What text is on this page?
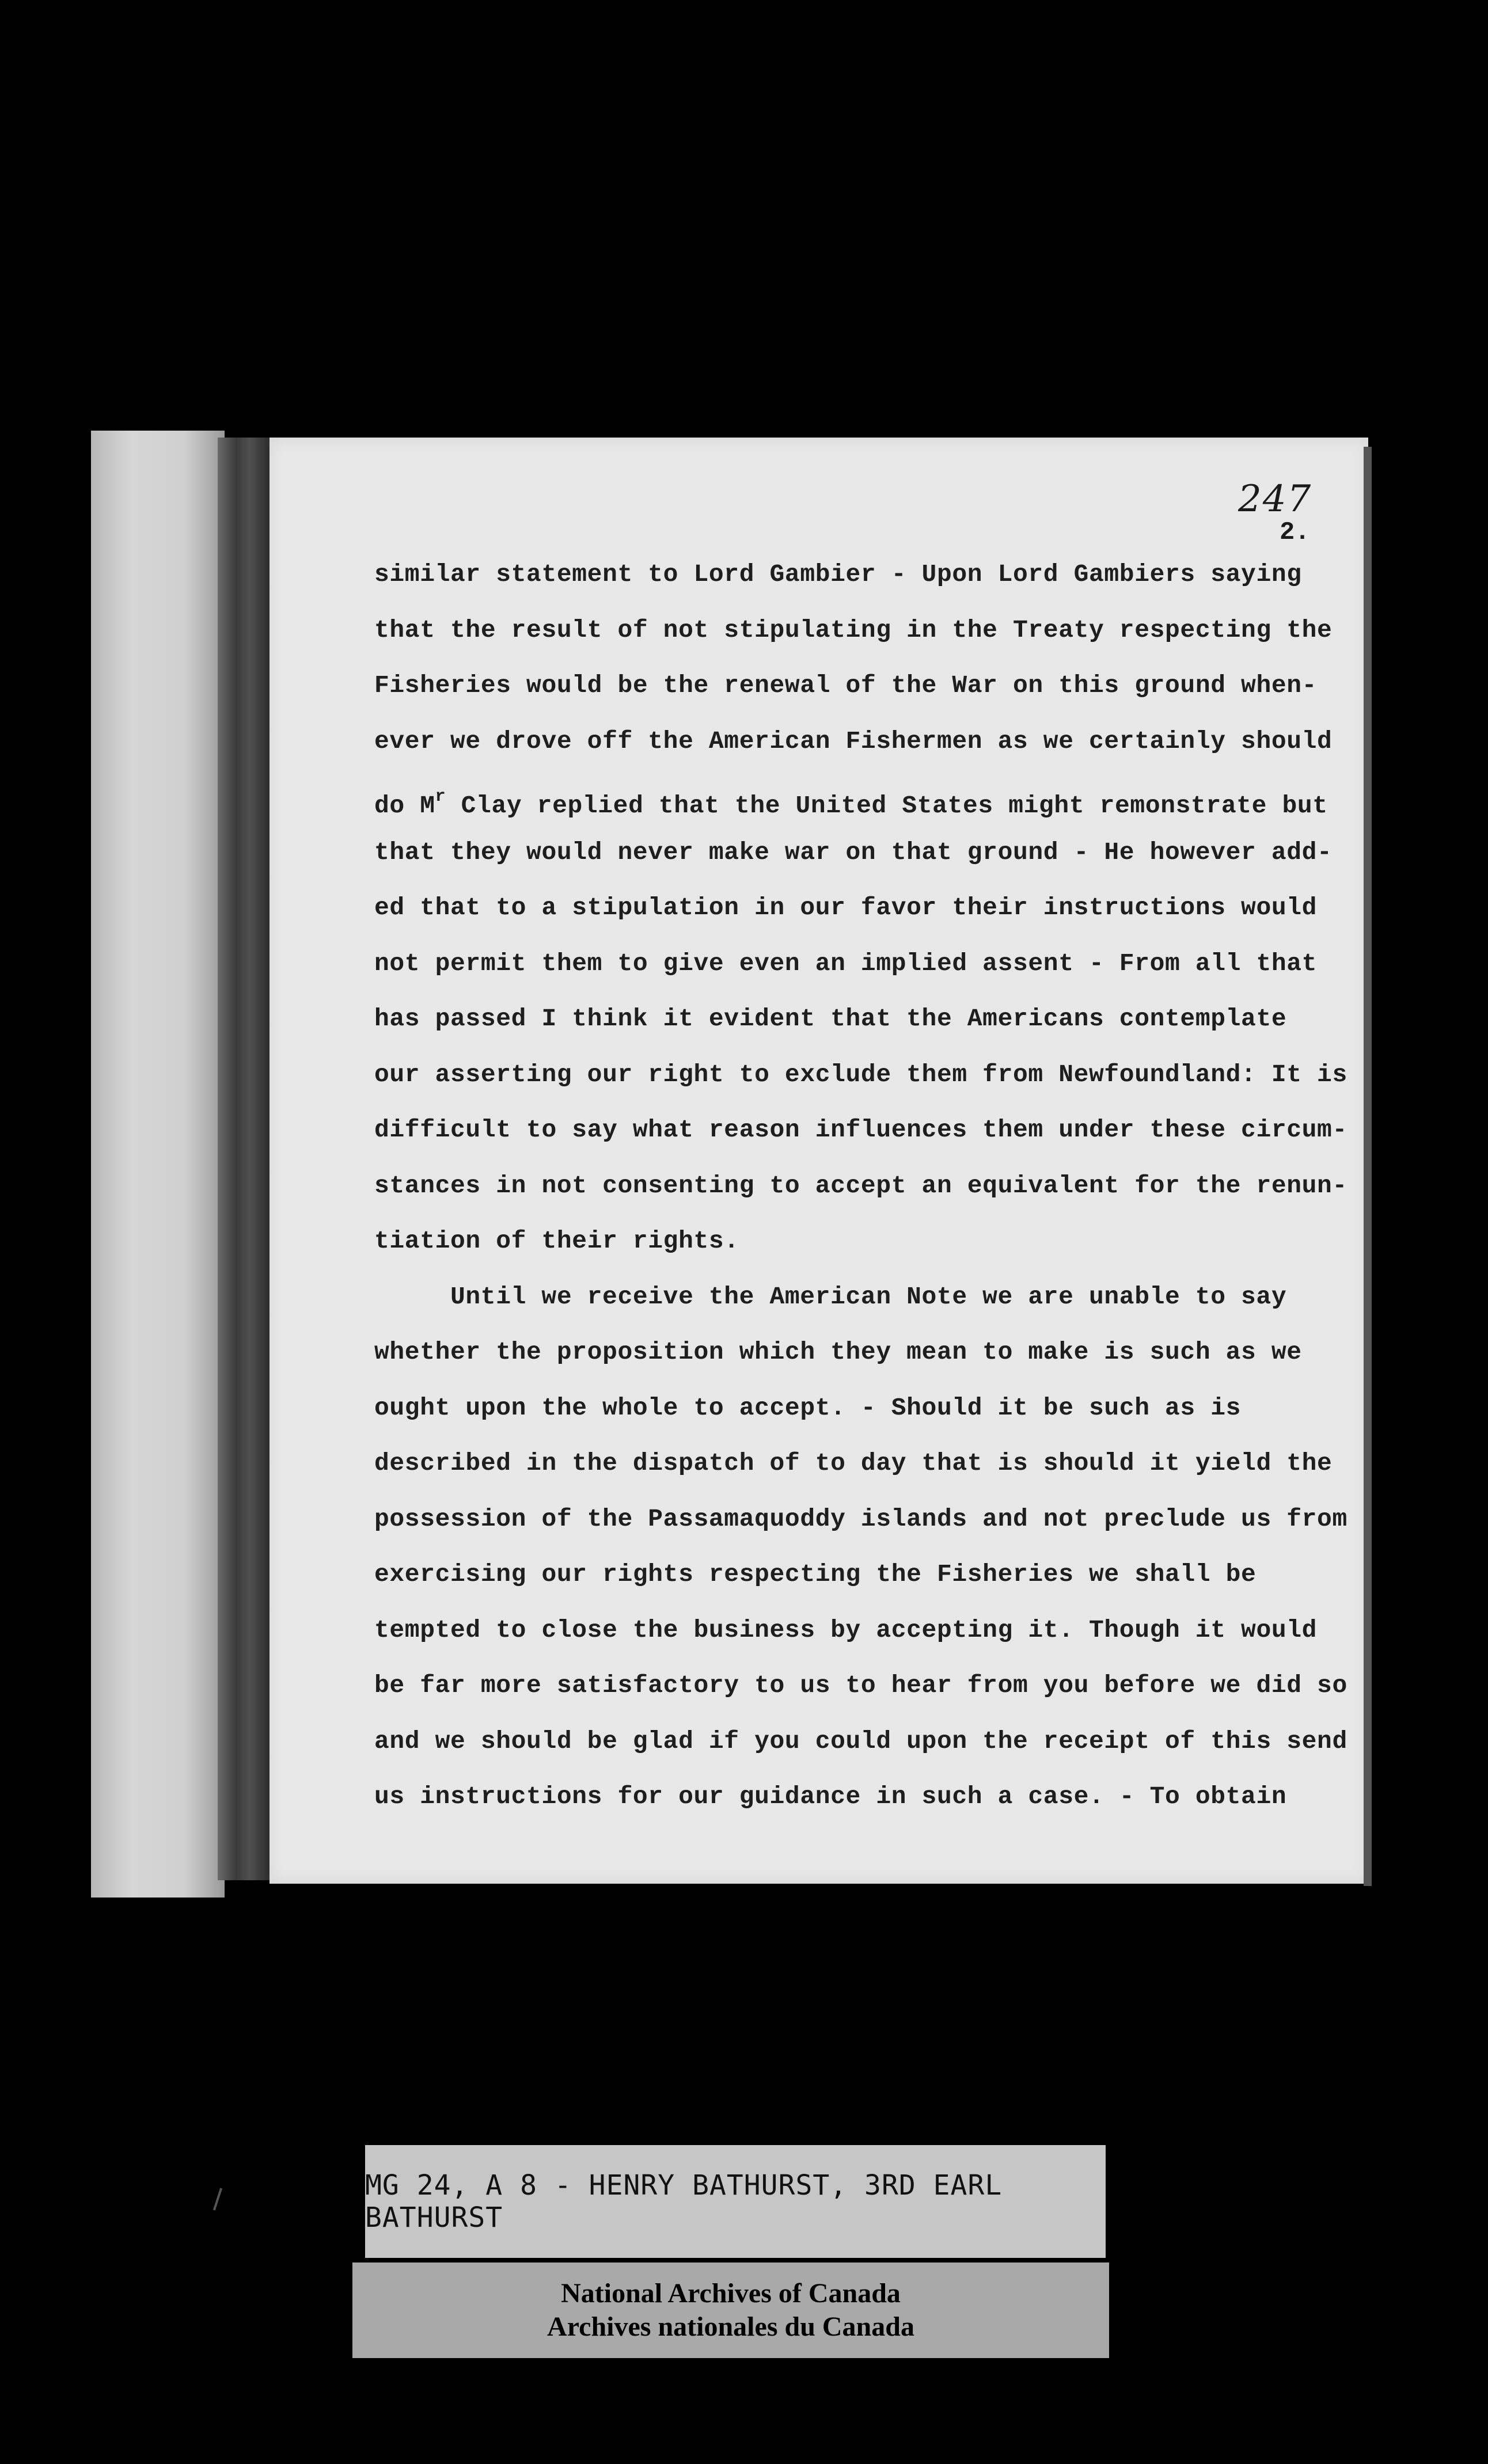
247
2.
similar statement to Lord Gambier - Upon Lord Gambiers saying
that the result of not stipulating in the Treaty respecting the
Fisheries would be the renewal of the War on this ground when-
ever we drove off the American Fishermen as we certainly should
do $M^r$ Clay replied that the United States might remonstrate but
that they would never make war on that ground - He however add-
ed that to a stipulation in our favor their instructions would
not permit them to give even an implied assent - From all that
has passed I think it evident that the Americans contemplate
our asserting our right to exclude them from Newfoundland: It is
difficult to say what reason influences them under these circum-
stances in not consenting to accept an equivalent for the renun-
tiation of their rights.
Until we receive the American Note we are unable to say
whether the proposition which they mean to make is such as we
ought upon the whole to accept. - Should it be such as is
described in the dispatch of to day that is should it yield the
possession of the Passamaquoddy islands and not preclude us from
exercising our rights respecting the Fisheries we shall be
tempted to close the business by accepting it. Though it would
be far more satisfactory to us to hear from you before we did so
and we should be glad if you could upon the receipt of this send
us instructions for our guidance in such a case. - To obtain
MG 24, A 8 - HENRY BATHURST, 3RD EARL BATHURST
National Archives of Canada
Archives nationales du Canada
